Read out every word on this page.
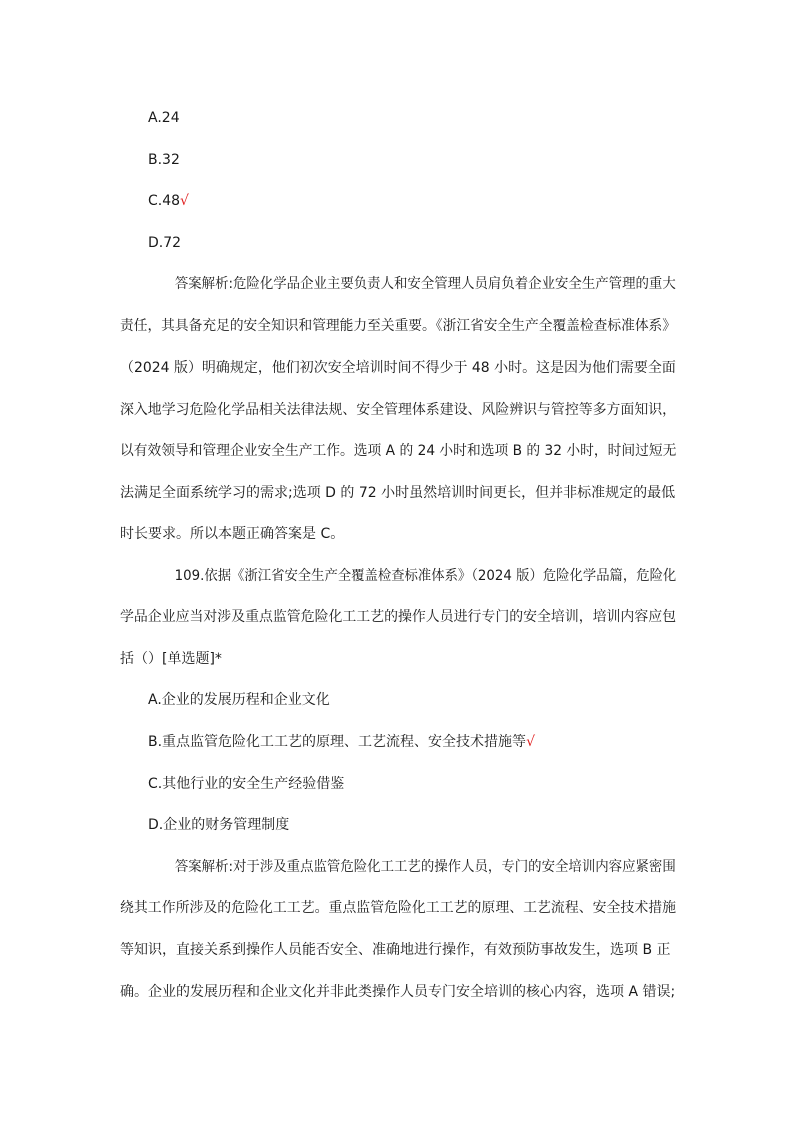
A.24
B.32
C.48√
D.72
答案解析:危险化学品企业主要负责人和安全管理人员肩负着企业安全生产管理的重大
责任，其具备充足的安全知识和管理能力至关重要。《浙江省安全生产全覆盖检查标准体系》
（2024 版）明确规定，他们初次安全培训时间不得少于 48 小时。这是因为他们需要全面
深入地学习危险化学品相关法律法规、安全管理体系建设、风险辨识与管控等多方面知识，
以有效领导和管理企业安全生产工作。选项 A 的 24 小时和选项 B 的 32 小时，时间过短无
法满足全面系统学习的需求;选项 D 的 72 小时虽然培训时间更长，但并非标准规定的最低
时长要求。所以本题正确答案是 C。
109.依据《浙江省安全生产全覆盖检查标准体系》（2024 版）危险化学品篇，危险化
学品企业应当对涉及重点监管危险化工工艺的操作人员进行专门的安全培训，培训内容应包
括（）[单选题]*
A.企业的发展历程和企业文化
B.重点监管危险化工工艺的原理、工艺流程、安全技术措施等√
C.其他行业的安全生产经验借鉴
D.企业的财务管理制度
答案解析:对于涉及重点监管危险化工工艺的操作人员，专门的安全培训内容应紧密围
绕其工作所涉及的危险化工工艺。重点监管危险化工工艺的原理、工艺流程、安全技术措施
等知识，直接关系到操作人员能否安全、准确地进行操作，有效预防事故发生，选项 B 正
确。企业的发展历程和企业文化并非此类操作人员专门安全培训的核心内容，选项 A 错误;
